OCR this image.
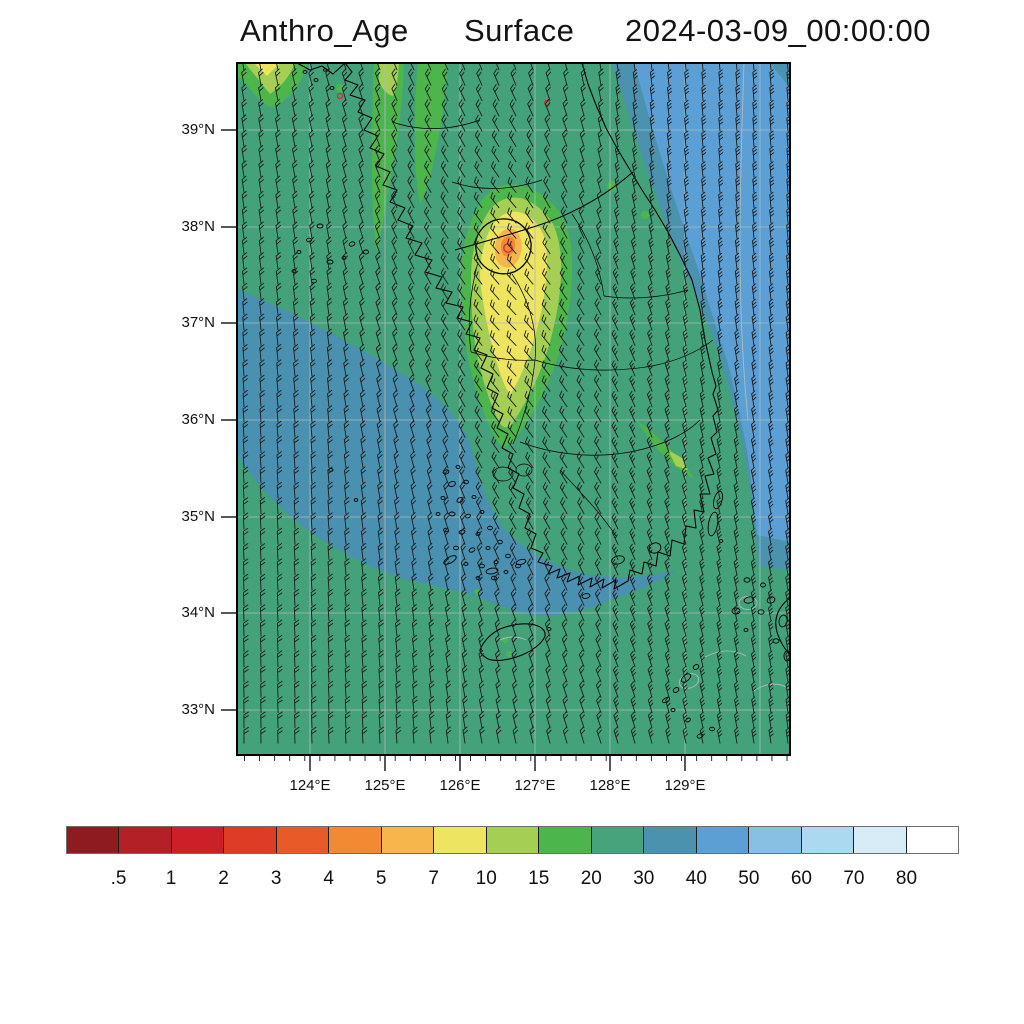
Anthro_Age Surface 2024-03-09_00:00:00
39°N
38°N
37°N
36°N
35°N
34°N
33°N
124°E	125°E	126°E	127°E	128°E	129°E
.5	1	2	3	4	5	7	10	15	20	30	40	50	60	70	80
